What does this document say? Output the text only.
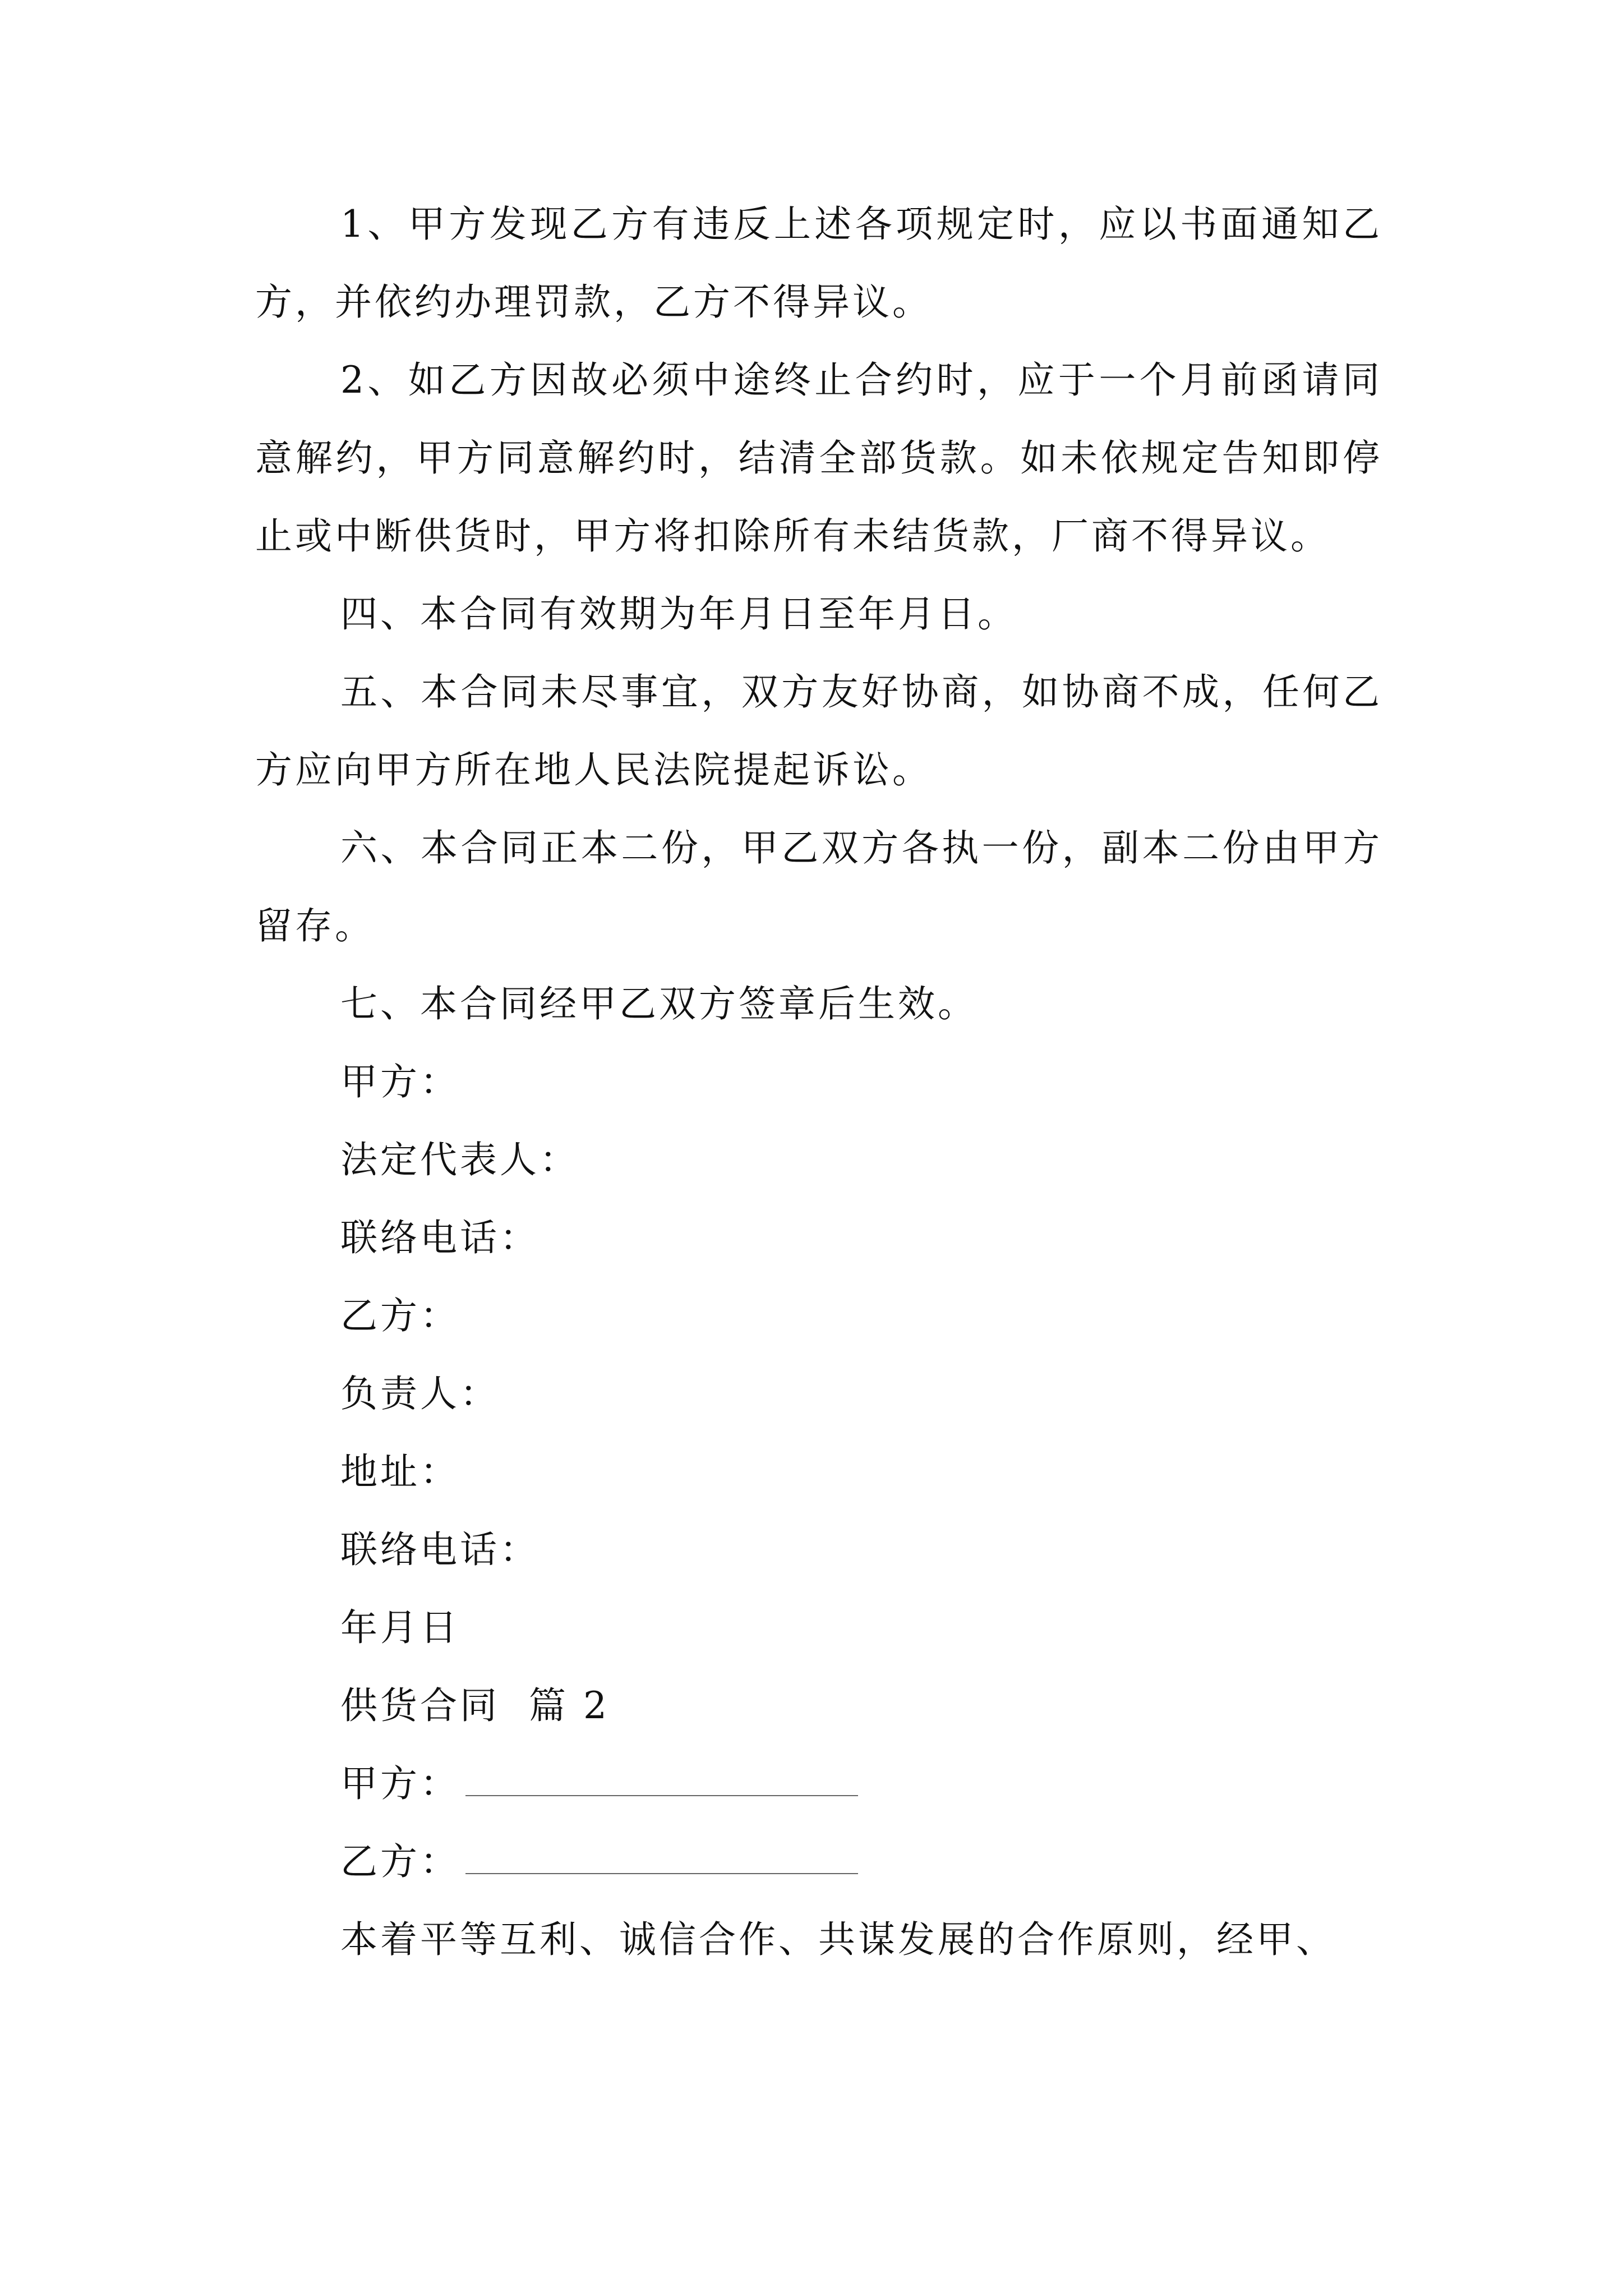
1、甲方发现乙方有违反上述各项规定时，应以书面通知乙方，并依约办理罚款，乙方不得异议。

2、如乙方因故必须中途终止合约时，应于一个月前函请同意解约，甲方同意解约时，结清全部货款。如未依规定告知即停止或中断供货时，甲方将扣除所有未结货款，厂商不得异议。

四、本合同有效期为年月日至年月日。

五、本合同未尽事宜，双方友好协商，如协商不成，任何乙方应向甲方所在地人民法院提起诉讼。

六、本合同正本二份，甲乙双方各执一份，副本二份由甲方留存。

七、本合同经甲乙双方签章后生效。

甲方：

法定代表人：

联络电话：

乙方：

负责人：

地址：

联络电话：

年月日

供货合同  篇 2

甲方：

乙方：

本着平等互利、诚信合作、共谋发展的合作原则，经甲、
